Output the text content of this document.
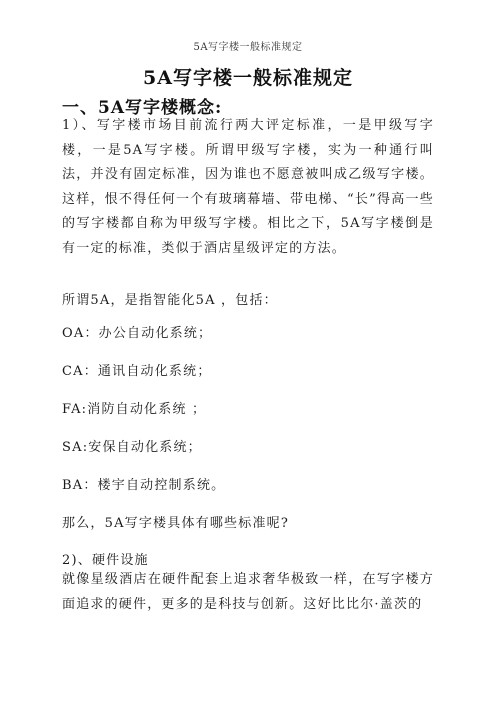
5A写字楼一般标准规定
5A写字楼一般标准规定
一、5A写字楼概念:

1）、写字楼市场目前流行两大评定标准，一是甲级写字楼，一是5A写字楼。所谓甲级写字楼，实为一种通行叫法，并没有固定标准，因为谁也不愿意被叫成乙级写字楼。这样，恨不得任何一个有玻璃幕墙、带电梯、“长”得高一些的写字楼都自称为甲级写字楼。相比之下，5A写字楼倒是有一定的标准，类似于酒店星级评定的方法。

所谓5A，是指智能化5A ，包括：
OA：办公自动化系统；
CA：通讯自动化系统；
FA:消防自动化系统 ；
SA:安保自动化系统；
BA：楼宇自动控制系统。
那么，5A写字楼具体有哪些标准呢?
2)、硬件设施

就像星级酒店在硬件配套上追求奢华极致一样，在写字楼方面追求的硬件，更多的是科技与创新。这好比比尔·盖茨的
